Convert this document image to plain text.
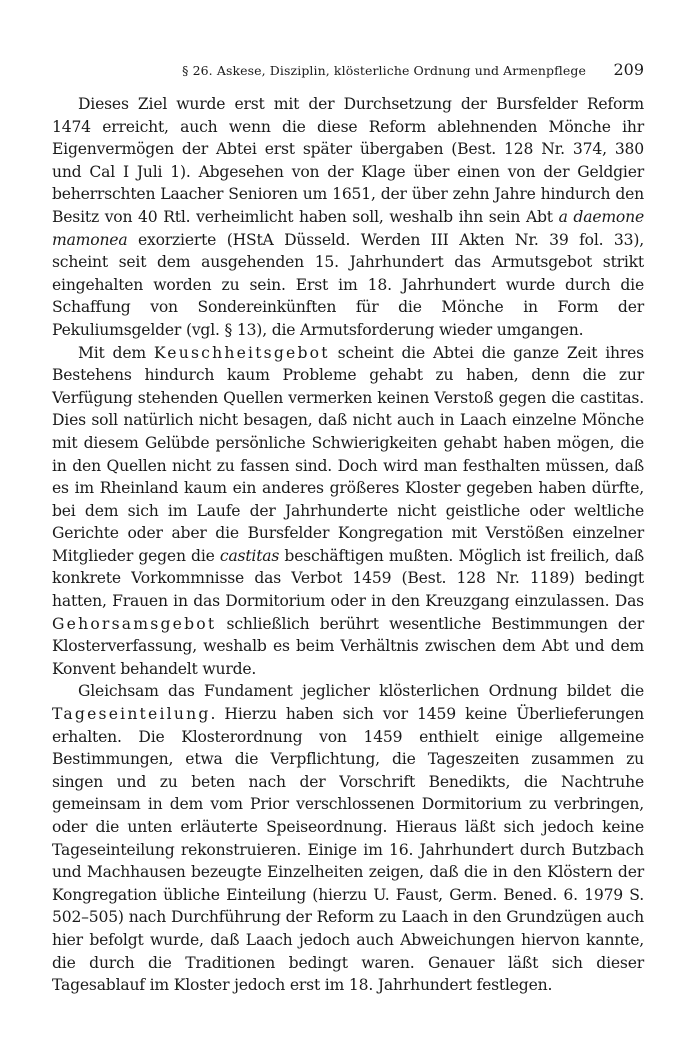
§ 26. Askese, Disziplin, klösterliche Ordnung und Armenpflege 209

Dieses Ziel wurde erst mit der Durchsetzung der Bursfelder Reform 1474 erreicht, auch wenn die diese Reform ablehnenden Mönche ihr Eigenvermögen der Abtei erst später übergaben (Best. 128 Nr. 374, 380 und Cal I Juli 1). Abgesehen von der Klage über einen von der Geldgier beherrschten Laacher Senioren um 1651, der über zehn Jahre hindurch den Besitz von 40 Rtl. verheimlicht haben soll, weshalb ihn sein Abt a daemone mamonea exorzierte (HStA Düsseld. Werden III Akten Nr. 39 fol. 33), scheint seit dem ausgehenden 15. Jahrhundert das Armutsgebot strikt eingehalten worden zu sein. Erst im 18. Jahrhundert wurde durch die Schaffung von Sondereinkünften für die Mönche in Form der Pekuliumsgelder (vgl. § 13), die Armutsforderung wieder umgangen.

Mit dem Keuschheitsgebot scheint die Abtei die ganze Zeit ihres Bestehens hindurch kaum Probleme gehabt zu haben, denn die zur Verfügung stehenden Quellen vermerken keinen Verstoß gegen die castitas. Dies soll natürlich nicht besagen, daß nicht auch in Laach einzelne Mönche mit diesem Gelübde persönliche Schwierigkeiten gehabt haben mögen, die in den Quellen nicht zu fassen sind. Doch wird man festhalten müssen, daß es im Rheinland kaum ein anderes größeres Kloster gegeben haben dürfte, bei dem sich im Laufe der Jahrhunderte nicht geistliche oder weltliche Gerichte oder aber die Bursfelder Kongregation mit Verstößen einzelner Mitglieder gegen die castitas beschäftigen mußten. Möglich ist freilich, daß konkrete Vorkommnisse das Verbot 1459 (Best. 128 Nr. 1189) bedingt hatten, Frauen in das Dormitorium oder in den Kreuzgang einzulassen. Das Gehorsamsgebot schließlich berührt wesentliche Bestimmungen der Klosterverfassung, weshalb es beim Verhältnis zwischen dem Abt und dem Konvent behandelt wurde.

Gleichsam das Fundament jeglicher klösterlichen Ordnung bildet die Tageseinteilung. Hierzu haben sich vor 1459 keine Überlieferungen erhalten. Die Klosterordnung von 1459 enthielt einige allgemeine Bestimmungen, etwa die Verpflichtung, die Tageszeiten zusammen zu singen und zu beten nach der Vorschrift Benedikts, die Nachtruhe gemeinsam in dem vom Prior verschlossenen Dormitorium zu verbringen, oder die unten erläuterte Speiseordnung. Hieraus läßt sich jedoch keine Tageseinteilung rekonstruieren. Einige im 16. Jahrhundert durch Butzbach und Machhausen bezeugte Einzelheiten zeigen, daß die in den Klöstern der Kongregation übliche Einteilung (hierzu U. Faust, Germ. Bened. 6. 1979 S. 502–505) nach Durchführung der Reform zu Laach in den Grundzügen auch hier befolgt wurde, daß Laach jedoch auch Abweichungen hiervon kannte, die durch die Traditionen bedingt waren. Genauer läßt sich dieser Tagesablauf im Kloster jedoch erst im 18. Jahrhundert festlegen.
